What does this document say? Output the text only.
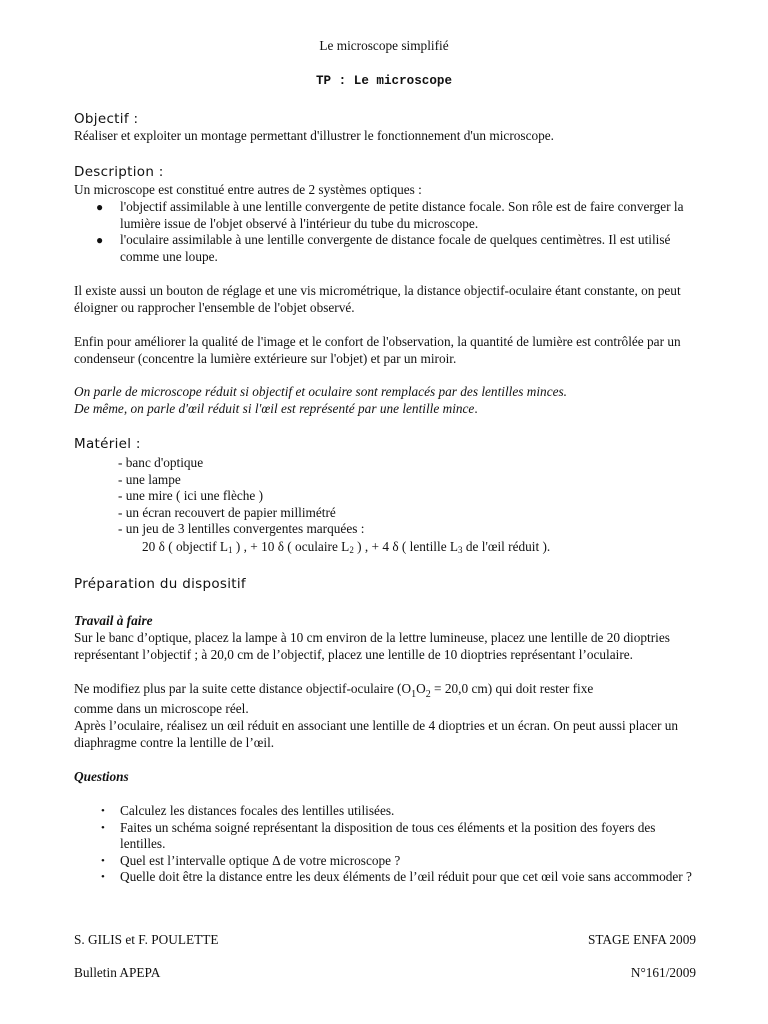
Le microscope simplifié
TP : Le microscope
Objectif :
Réaliser et exploiter un montage permettant d'illustrer le fonctionnement d'un microscope.
Description :
Un microscope est constitué entre autres de 2 systèmes optiques :
● l'objectif assimilable à une lentille convergente de petite distance focale. Son rôle est de faire converger la lumière issue de l'objet observé à l'intérieur du tube du microscope.
● l'oculaire assimilable à une lentille convergente de distance focale de quelques centimètres. Il est utilisé comme une loupe.
Il existe aussi un bouton de réglage et une vis micrométrique, la distance objectif-oculaire étant constante, on peut éloigner ou rapprocher l'ensemble de l'objet observé.
Enfin pour améliorer la qualité de l'image et le confort de l'observation, la quantité de lumière est contrôlée par un condenseur (concentre la lumière extérieure sur l'objet) et par un miroir.
On parle de microscope réduit si objectif et oculaire sont remplacés par des lentilles minces.
De même, on parle d'œil réduit si l'œil est représenté par une lentille mince.
Matériel :
- banc d'optique
- une lampe
- une mire ( ici une flèche )
- un écran recouvert de papier millimétré
- un jeu de 3 lentilles convergentes marquées :
20 δ ( objectif $L_1$ ) , + 10 δ ( oculaire $L_2$ ) , + 4 δ ( lentille $L_3$ de l'œil réduit ).
Préparation du dispositif
Travail à faire
Sur le banc d’optique, placez la lampe à 10 cm environ de la lettre lumineuse, placez une lentille de 20 dioptries représentant l’objectif ; à 20,0 cm de l’objectif, placez une lentille de 10 dioptries représentant l’oculaire.
Ne modifiez plus par la suite cette distance objectif-oculaire ($O_1O_2 = 20,0$ cm) qui doit rester fixe
comme dans un microscope réel.
Après l’oculaire, réalisez un œil réduit en associant une lentille de 4 dioptries et un écran. On peut aussi placer un diaphragme contre la lentille de l’œil.
Questions
• Calculez les distances focales des lentilles utilisées.
• Faites un schéma soigné représentant la disposition de tous ces éléments et la position des foyers des lentilles.
• Quel est l’intervalle optique Δ de votre microscope ?
• Quelle doit être la distance entre les deux éléments de l’œil réduit pour que cet œil voie sans accommoder ?
S. GILIS et F. POULETTE	STAGE ENFA 2009
Bulletin APEPA	N°161/2009
